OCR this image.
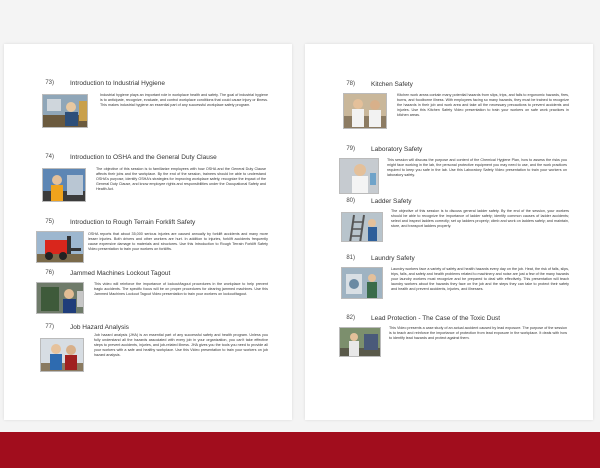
73) Introduction to Industrial Hygiene
Industrial hygiene plays an important role in workplace health and safety. The goal of industrial hygiene is to anticipate, recognize, evaluate, and control workplace conditions that could cause injury or illness. This makes industrial hygiene an essential part of any successful workplace safety program.
74) Introduction to OSHA and the General Duty Clause
The objective of this session is to familiarize employees with how OSHA and the General Duty Clause affects their jobs and the workplace. By the end of the session, trainees should be able to understand OSHA's purpose, identify OSHA's strategies for improving workplace safety, recognize the impact of the General Duty Clause, and know employee rights and responsibilities under the Occupational Safety and Health Act.
75) Introduction to Rough Terrain Forklift Safety
OSHA reports that about 35,000 serious injuries are caused annually by forklift accidents and many more lesser injuries. Both drivers and other workers are hurt. In addition to injuries, forklift accidents frequently cause expensive damage to materials and structures. Use this Introduction to Rough Terrain Forklift Safety Video presentation to train your workers on forklifts.
76) Jammed Machines Lockout Tagout
This video will reinforce the importance of lockout/tagout procedures in the workplace to help prevent tragic accidents. The specific focus will be on proper procedures for clearing jammed machines. Use this Jammed Machines Lockout Tagout Video presentation to train your workers on lockout/tagout.
77) Job Hazard Analysis
Job hazard analysis (JHA) is an essential part of any successful safety and health program. Unless you fully understand all the hazards associated with every job in your organization, you can't take effective steps to prevent accidents, injuries, and job-related illness. JHA gives you the tools you need to provide all your workers with a safe and healthy workplace. Use this Video presentation to train your workers on job hazard analysis.
78) Kitchen Safety
Kitchen work areas contain many potential hazards from slips, trips, and falls to ergonomic hazards, fires, burns, and foodborne illness. With employees facing so many hazards, they must be trained to recognize the hazards in their job and work area and take all the necessary precautions to prevent accidents and injuries. Use this Kitchen Safety Video presentation to train your workers on safe work practices in kitchen areas.
79) Laboratory Safety
This session will discuss the purpose and content of the Chemical Hygiene Plan, how to assess the risks you might face working in the lab, the personal protective equipment you may need to use, and the work practices required to keep you safe in the lab. Use this Laboratory Safety Video presentation to train your workers on laboratory safety.
80) Ladder Safety
The objective of this session is to discuss general ladder safety. By the end of the session, your workers should be able to recognize the importance of ladder safety; identify common causes of ladder accidents; select and inspect ladders correctly; set up ladders properly; climb and work on ladders safely; and maintain, store, and transport ladders properly.
81) Laundry Safety
Laundry workers face a variety of safety and health hazards every day on the job. Heat, the risk of falls, slips, trips, falls, and safety and health problems related to machinery and noise are just a few of the many hazards your laundry workers must recognize and be prepared to deal with effectively. This presentation will teach laundry workers about the hazards they face on the job and the steps they can take to protect their safety and health and prevent accidents, injuries, and illnesses.
82) Lead Protection - The Case of the Toxic Dust
This Video presents a case study of an actual accident caused by lead exposure. The purpose of the session is to teach and reinforce the importance of protection from lead exposure in the workplace. It deals with how to identify lead hazards and protect against them.
